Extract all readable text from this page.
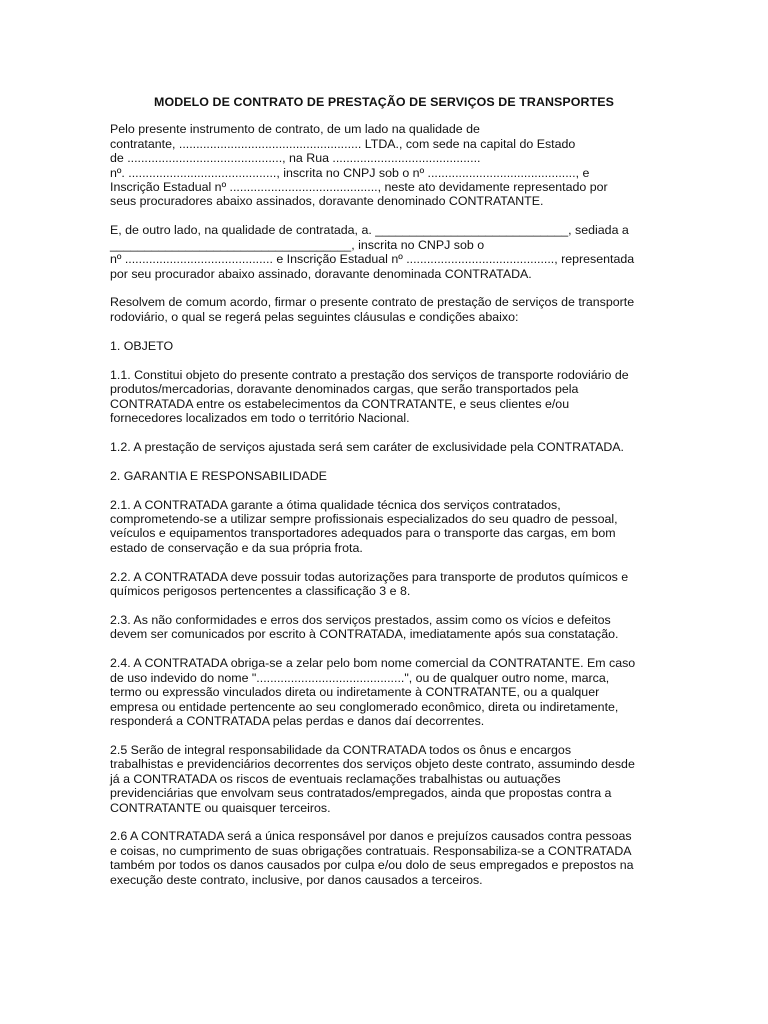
MODELO DE CONTRATO DE PRESTAÇÃO DE SERVIÇOS DE TRANSPORTES
Pelo presente instrumento de contrato, de um lado na qualidade de
contratante, ..................................................... LTDA., com sede na capital do Estado
de ............................................., na Rua ...........................................
nº. ..........................................., inscrita no CNPJ sob o nº ..........................................., e
Inscrição Estadual nº ..........................................., neste ato devidamente representado por
seus procuradores abaixo assinados, doravante denominado CONTRATANTE.
E, de outro lado, na qualidade de contratada, a. ____________________________, sediada a
___________________________________, inscrita no CNPJ sob o
nº ........................................... e Inscrição Estadual nº ..........................................., representada
por seu procurador abaixo assinado, doravante denominada CONTRATADA.
Resolvem de comum acordo, firmar o presente contrato de prestação de serviços de transporte
rodoviário, o qual se regerá pelas seguintes cláusulas e condições abaixo:
1. OBJETO
1.1. Constitui objeto do presente contrato a prestação dos serviços de transporte rodoviário de
produtos/mercadorias, doravante denominados cargas, que serão transportados pela
CONTRATADA entre os estabelecimentos da CONTRATANTE, e seus clientes e/ou
fornecedores localizados em todo o território Nacional.
1.2. A prestação de serviços ajustada será sem caráter de exclusividade pela CONTRATADA.
2. GARANTIA E RESPONSABILIDADE
2.1. A CONTRATADA garante a ótima qualidade técnica dos serviços contratados,
comprometendo-se a utilizar sempre profissionais especializados do seu quadro de pessoal,
veículos e equipamentos transportadores adequados para o transporte das cargas, em bom
estado de conservação e da sua própria frota.
2.2. A CONTRATADA deve possuir todas autorizações para transporte de produtos químicos e
químicos perigosos pertencentes a classificação 3 e 8.
2.3. As não conformidades e erros dos serviços prestados, assim como os vícios e defeitos
devem ser comunicados por escrito à CONTRATADA, imediatamente após sua constatação.
2.4. A CONTRATADA obriga-se a zelar pelo bom nome comercial da CONTRATANTE. Em caso
de uso indevido do nome "...........................................", ou de qualquer outro nome, marca,
termo ou expressão vinculados direta ou indiretamente à CONTRATANTE, ou a qualquer
empresa ou entidade pertencente ao seu conglomerado econômico, direta ou indiretamente,
responderá a CONTRATADA pelas perdas e danos daí decorrentes.
2.5 Serão de integral responsabilidade da CONTRATADA todos os ônus e encargos
trabalhistas e previdenciários decorrentes dos serviços objeto deste contrato, assumindo desde
já a CONTRATADA os riscos de eventuais reclamações trabalhistas ou autuações
previdenciárias que envolvam seus contratados/empregados, ainda que propostas contra a
CONTRATANTE ou quaisquer terceiros.
2.6 A CONTRATADA será a única responsável por danos e prejuízos causados contra pessoas
e coisas, no cumprimento de suas obrigações contratuais. Responsabiliza-se a CONTRATADA
também por todos os danos causados por culpa e/ou dolo de seus empregados e prepostos na
execução deste contrato, inclusive, por danos causados a terceiros.
